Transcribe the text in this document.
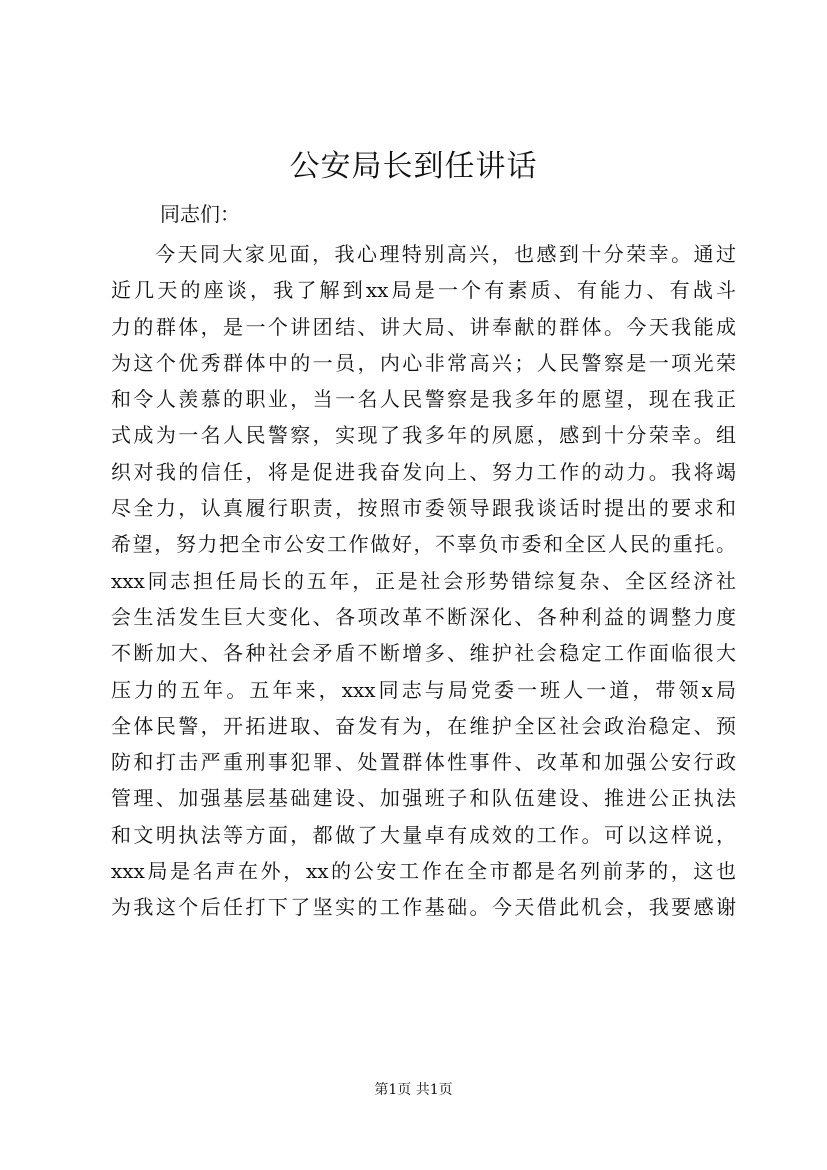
公安局长到任讲话
同志们：
今天同大家见面，我心理特别高兴，也感到十分荣幸。通过
近几天的座谈，我了解到xx局是一个有素质、有能力、有战斗
力的群体，是一个讲团结、讲大局、讲奉献的群体。今天我能成
为这个优秀群体中的一员，内心非常高兴；人民警察是一项光荣
和令人羡慕的职业，当一名人民警察是我多年的愿望，现在我正
式成为一名人民警察，实现了我多年的夙愿，感到十分荣幸。组
织对我的信任，将是促进我奋发向上、努力工作的动力。我将竭
尽全力，认真履行职责，按照市委领导跟我谈话时提出的要求和
希望，努力把全市公安工作做好，不辜负市委和全区人民的重托。
xxx同志担任局长的五年，正是社会形势错综复杂、全区经济社
会生活发生巨大变化、各项改革不断深化、各种利益的调整力度
不断加大、各种社会矛盾不断增多、维护社会稳定工作面临很大
压力的五年。五年来，xxx同志与局党委一班人一道，带领x局
全体民警，开拓进取、奋发有为，在维护全区社会政治稳定、预
防和打击严重刑事犯罪、处置群体性事件、改革和加强公安行政
管理、加强基层基础建设、加强班子和队伍建设、推进公正执法
和文明执法等方面，都做了大量卓有成效的工作。可以这样说，
xxx局是名声在外，xx的公安工作在全市都是名列前茅的，这也
为我这个后任打下了坚实的工作基础。今天借此机会，我要感谢
第1页 共1页
